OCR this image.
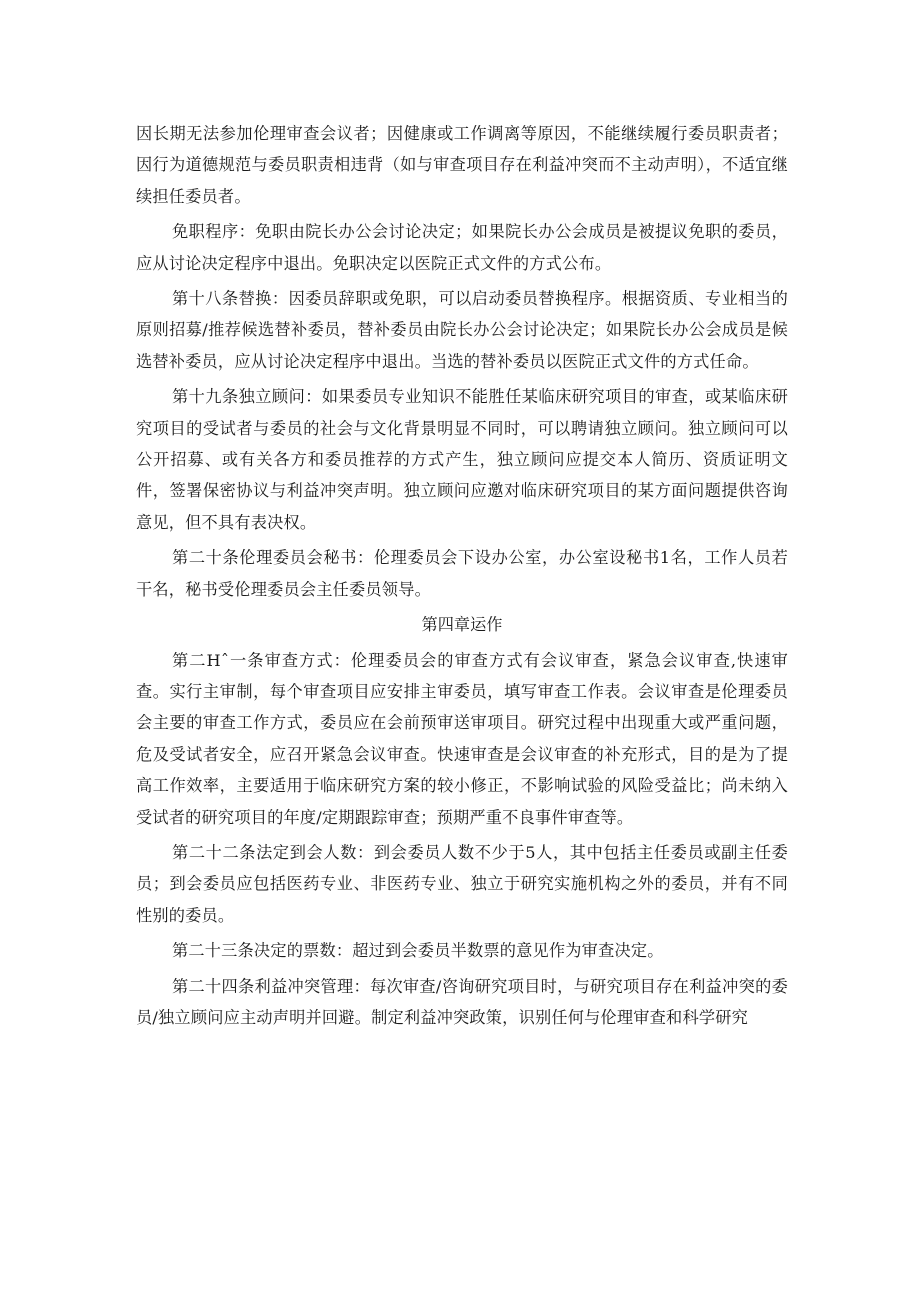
因长期无法参加伦理审查会议者；因健康或工作调离等原因，不能继续履行委员职责者；因行为道德规范与委员职责相违背（如与审查项目存在利益冲突而不主动声明），不适宜继续担任委员者。

免职程序：免职由院长办公会讨论决定；如果院长办公会成员是被提议免职的委员，应从讨论决定程序中退出。免职决定以医院正式文件的方式公布。

第十八条替换：因委员辞职或免职，可以启动委员替换程序。根据资质、专业相当的原则招募/推荐候选替补委员，替补委员由院长办公会讨论决定；如果院长办公会成员是候选替补委员，应从讨论决定程序中退出。当选的替补委员以医院正式文件的方式任命。

第十九条独立顾问：如果委员专业知识不能胜任某临床研究项目的审查，或某临床研究项目的受试者与委员的社会与文化背景明显不同时，可以聘请独立顾问。独立顾问可以公开招募、或有关各方和委员推荐的方式产生，独立顾问应提交本人简历、资质证明文件，签署保密协议与利益冲突声明。独立顾问应邀对临床研究项目的某方面问题提供咨询意见，但不具有表决权。

第二十条伦理委员会秘书：伦理委员会下设办公室，办公室设秘书1名，工作人员若干名，秘书受伦理委员会主任委员领导。

第四章运作

第二Hˆ一条审查方式：伦理委员会的审查方式有会议审查，紧急会议审查,快速审查。实行主审制，每个审查项目应安排主审委员，填写审查工作表。会议审查是伦理委员会主要的审查工作方式，委员应在会前预审送审项目。研究过程中出现重大或严重问题，危及受试者安全，应召开紧急会议审查。快速审查是会议审查的补充形式，目的是为了提高工作效率，主要适用于临床研究方案的较小修正，不影响试验的风险受益比；尚未纳入受试者的研究项目的年度/定期跟踪审查；预期严重不良事件审查等。

第二十二条法定到会人数：到会委员人数不少于5人，其中包括主任委员或副主任委员；到会委员应包括医药专业、非医药专业、独立于研究实施机构之外的委员，并有不同性别的委员。

第二十三条决定的票数：超过到会委员半数票的意见作为审查决定。

第二十四条利益冲突管理：每次审查/咨询研究项目时，与研究项目存在利益冲突的委员/独立顾问应主动声明并回避。制定利益冲突政策，识别任何与伦理审查和科学研究
